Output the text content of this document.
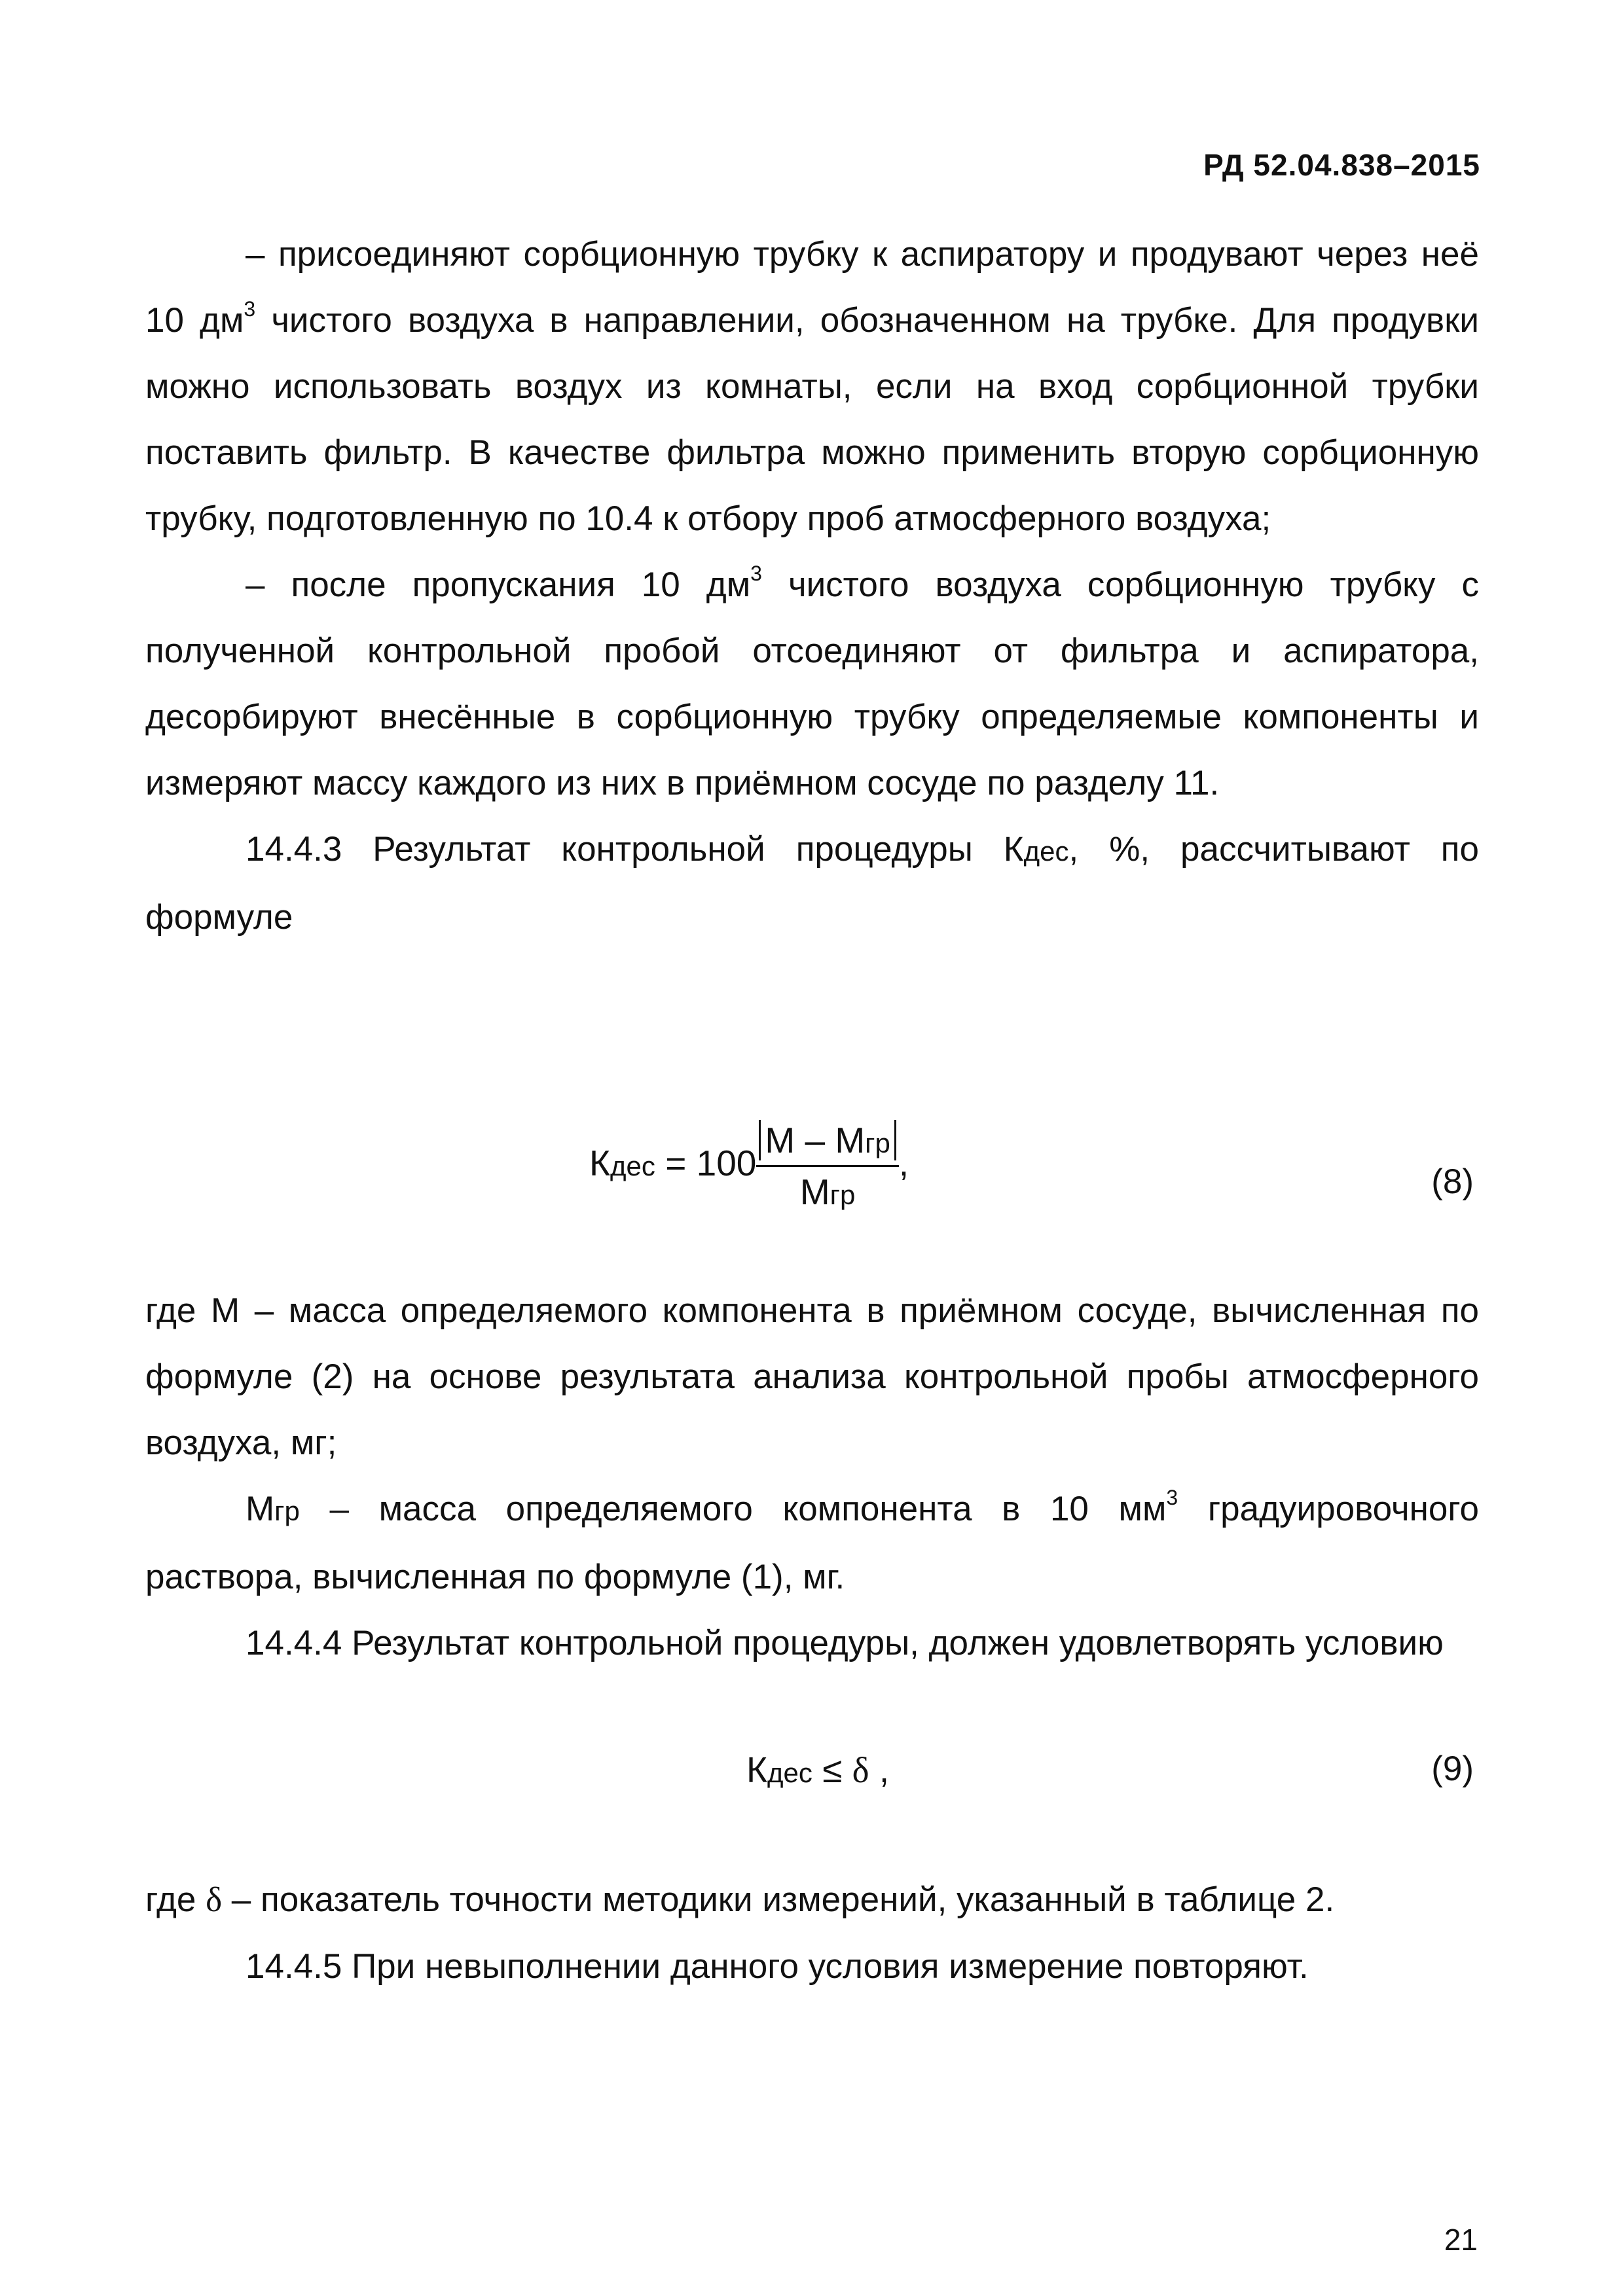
РД 52.04.838–2015

– присоединяют сорбционную трубку к аспиратору и продувают через неё 10 $дм^3$ чистого воздуха в направлении, обозначенном на трубке. Для продувки можно использовать воздух из комнаты, если на вход сорбционной трубки поставить фильтр. В качестве фильтра можно применить вторую сорбционную трубку, подготовленную по 10.4 к отбору проб атмосферного воздуха;

– после пропускания 10 $дм^3$ чистого воздуха сорбционную трубку с полученной контрольной пробой отсоединяют от фильтра и аспиратора, десорбируют внесённые в сорбционную трубку определяемые компоненты и измеряют массу каждого из них в приёмном сосуде по разделу 11.

14.4.3 Результат контрольной процедуры Кдес, %, рассчитывают по формуле

Кдес = $100 \frac{\text{М – Мгр}}{\text{Мгр}}$ ,	(8)

где М – масса определяемого компонента в приёмном сосуде, вычисленная по формуле (2) на основе результата анализа контрольной пробы атмосферного воздуха, мг;

Мгр – масса определяемого компонента в 10 $мм^3$ градуировочного раствора, вычисленная по формуле (1), мг.

14.4.4 Результат контрольной процедуры, должен удовлетворять условию

Кдес ≤ δ ,	(9)

где δ – показатель точности методики измерений, указанный в таблице 2.

14.4.5 При невыполнении данного условия измерение повторяют.

21
